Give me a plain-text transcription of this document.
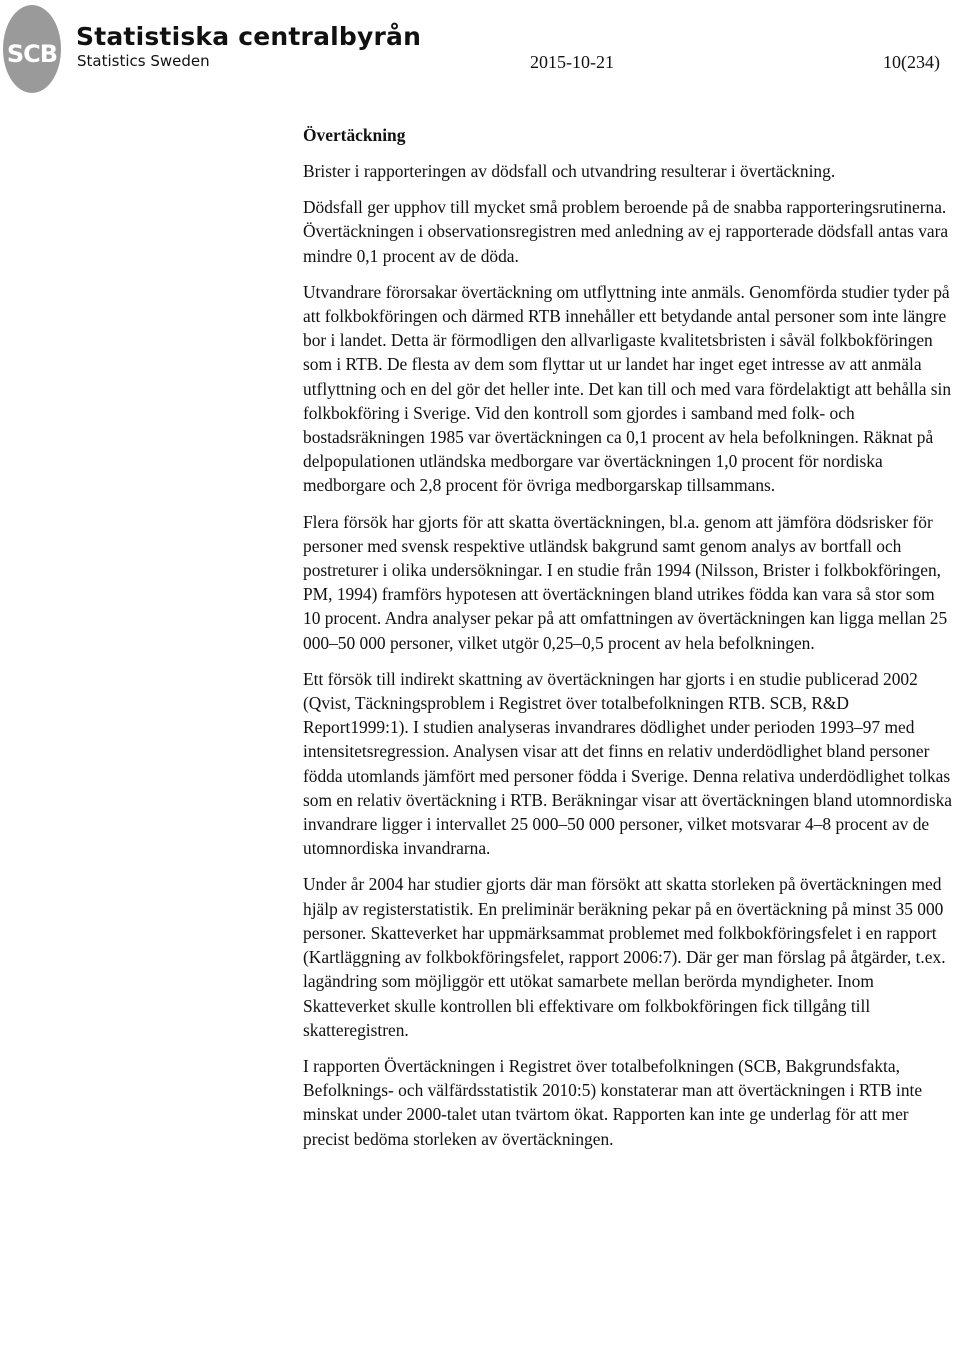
SCB
Statistiska centralbyrån
Statistics Sweden	2015-10-21	10(234)
Övertäckning

Brister i rapporteringen av dödsfall och utvandring resulterar i övertäckning.

Dödsfall ger upphov till mycket små problem beroende på de snabba rapporteringsrutinerna. Övertäckningen i observationsregistren med anledning av ej rapporterade dödsfall antas vara mindre 0,1 procent av de döda.

Utvandrare förorsakar övertäckning om utflyttning inte anmäls. Genomförda studier tyder på att folkbokföringen och därmed RTB innehåller ett betydande antal personer som inte längre bor i landet. Detta är förmodligen den allvarligaste kvalitetsbristen i såväl folkbokföringen som i RTB. De flesta av dem som flyttar ut ur landet har inget eget intresse av att anmäla utflyttning och en del gör det heller inte. Det kan till och med vara fördelaktigt att behålla sin folkbokföring i Sverige. Vid den kontroll som gjordes i samband med folk- och bostadsräkningen 1985 var övertäckningen ca 0,1 procent av hela befolkningen. Räknat på delpopulationen utländska medborgare var övertäckningen 1,0 procent för nordiska medborgare och 2,8 procent för övriga medborgarskap tillsammans.

Flera försök har gjorts för att skatta övertäckningen, bl.a. genom att jämföra dödsrisker för personer med svensk respektive utländsk bakgrund samt genom analys av bortfall och postreturer i olika undersökningar. I en studie från 1994 (Nilsson, Brister i folkbokföringen, PM, 1994) framförs hypotesen att övertäckningen bland utrikes födda kan vara så stor som 10 procent. Andra analyser pekar på att omfattningen av övertäckningen kan ligga mellan 25 000–50 000 personer, vilket utgör 0,25–0,5 procent av hela befolkningen.

Ett försök till indirekt skattning av övertäckningen har gjorts i en studie publicerad 2002 (Qvist, Täckningsproblem i Registret över totalbefolkningen RTB. SCB, R&D Report1999:1). I studien analyseras invandrares dödlighet under perioden 1993–97 med intensitetsregression. Analysen visar att det finns en relativ underdödlighet bland personer födda utomlands jämfört med personer födda i Sverige. Denna relativa underdödlighet tolkas som en relativ övertäckning i RTB. Beräkningar visar att övertäckningen bland utomnordiska invandrare ligger i intervallet 25 000–50 000 personer, vilket motsvarar 4–8 procent av de utomnordiska invandrarna.

Under år 2004 har studier gjorts där man försökt att skatta storleken på övertäckningen med hjälp av registerstatistik. En preliminär beräkning pekar på en övertäckning på minst 35 000 personer. Skatteverket har uppmärksammat problemet med folkbokföringsfelet i en rapport (Kartläggning av folkbokföringsfelet, rapport 2006:7). Där ger man förslag på åtgärder, t.ex. lagändring som möjliggör ett utökat samarbete mellan berörda myndigheter. Inom Skatteverket skulle kontrollen bli effektivare om folkbokföringen fick tillgång till skatteregistren.

I rapporten Övertäckningen i Registret över totalbefolkningen (SCB, Bakgrundsfakta, Befolknings- och välfärdsstatistik 2010:5) konstaterar man att övertäckningen i RTB inte minskat under 2000-talet utan tvärtom ökat. Rapporten kan inte ge underlag för att mer precist bedöma storleken av övertäckningen.
